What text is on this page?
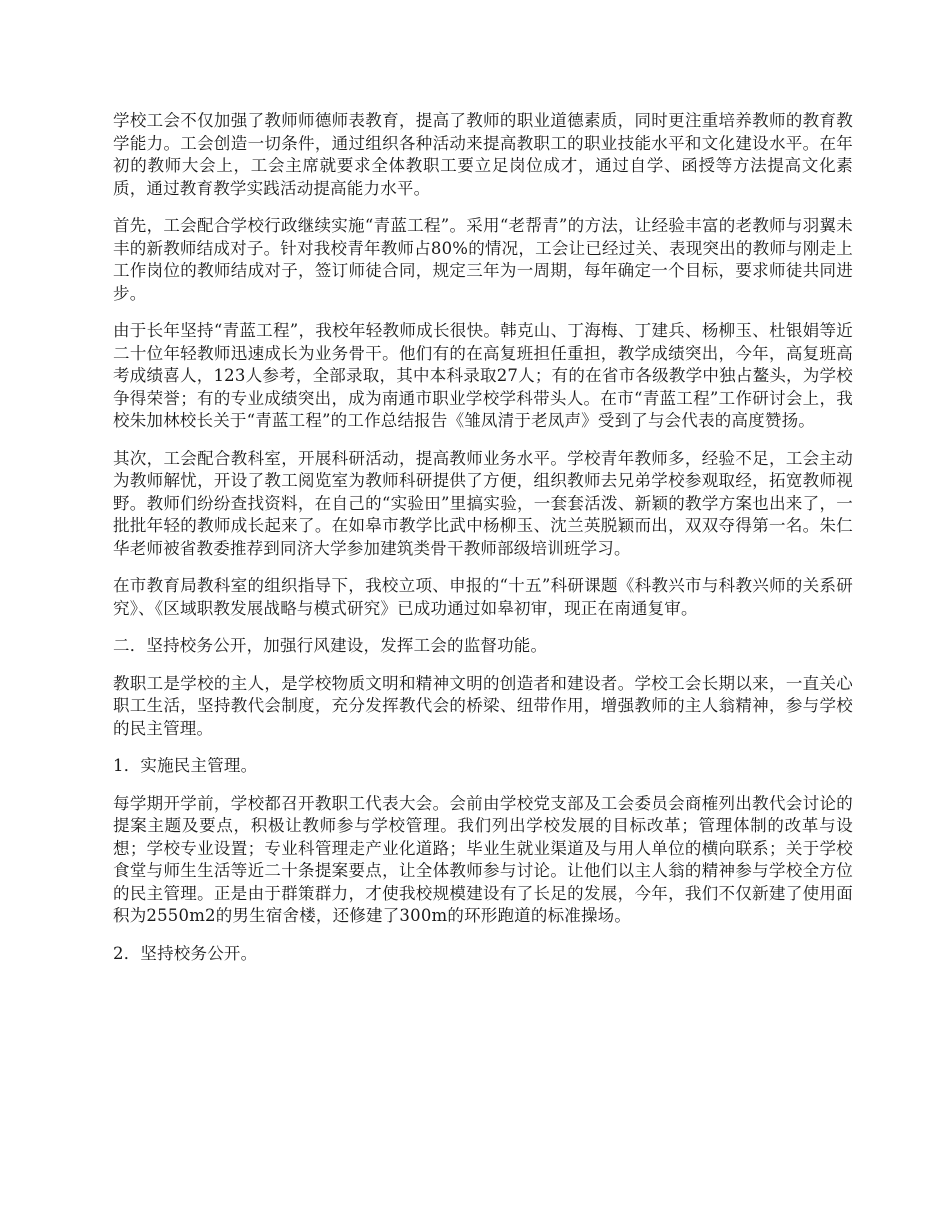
学校工会不仅加强了教师师德师表教育，提高了教师的职业道德素质，同时更注重培养教师的教育教学能力。工会创造一切条件，通过组织各种活动来提高教职工的职业技能水平和文化建设水平。在年初的教师大会上，工会主席就要求全体教职工要立足岗位成才，通过自学、函授等方法提高文化素质，通过教育教学实践活动提高能力水平。

首先，工会配合学校行政继续实施“青蓝工程”。采用“老帮青”的方法，让经验丰富的老教师与羽翼未丰的新教师结成对子。针对我校青年教师占80%的情况，工会让已经过关、表现突出的教师与刚走上工作岗位的教师结成对子，签订师徒合同，规定三年为一周期，每年确定一个目标，要求师徒共同进步。

由于长年坚持“青蓝工程”，我校年轻教师成长很快。韩克山、丁海梅、丁建兵、杨柳玉、杜银娟等近二十位年轻教师迅速成长为业务骨干。他们有的在高复班担任重担，教学成绩突出，今年，高复班高考成绩喜人，123人参考，全部录取，其中本科录取27人；有的在省市各级教学中独占鳌头，为学校争得荣誉；有的专业成绩突出，成为南通市职业学校学科带头人。在市“青蓝工程”工作研讨会上，我校朱加林校长关于“青蓝工程”的工作总结报告《雏凤清于老凤声》受到了与会代表的高度赞扬。

其次，工会配合教科室，开展科研活动，提高教师业务水平。学校青年教师多，经验不足，工会主动为教师解忧，开设了教工阅览室为教师科研提供了方便，组织教师去兄弟学校参观取经，拓宽教师视野。教师们纷纷查找资料，在自己的“实验田”里搞实验，一套套活泼、新颖的教学方案也出来了，一批批年轻的教师成长起来了。在如皋市教学比武中杨柳玉、沈兰英脱颖而出，双双夺得第一名。朱仁华老师被省教委推荐到同济大学参加建筑类骨干教师部级培训班学习。

在市教育局教科室的组织指导下，我校立项、申报的“十五”科研课题《科教兴市与科教兴师的关系研究》、《区域职教发展战略与模式研究》已成功通过如皋初审，现正在南通复审。

二．坚持校务公开，加强行风建设，发挥工会的监督功能。

教职工是学校的主人，是学校物质文明和精神文明的创造者和建设者。学校工会长期以来，一直关心职工生活，坚持教代会制度，充分发挥教代会的桥梁、纽带作用，增强教师的主人翁精神，参与学校的民主管理。

1．实施民主管理。

每学期开学前，学校都召开教职工代表大会。会前由学校党支部及工会委员会商榷列出教代会讨论的提案主题及要点，积极让教师参与学校管理。我们列出学校发展的目标改革；管理体制的改革与设想；学校专业设置；专业科管理走产业化道路；毕业生就业渠道及与用人单位的横向联系；关于学校食堂与师生生活等近二十条提案要点，让全体教师参与讨论。让他们以主人翁的精神参与学校全方位的民主管理。正是由于群策群力，才使我校规模建设有了长足的发展，今年，我们不仅新建了使用面积为2550m2的男生宿舍楼，还修建了300m的环形跑道的标准操场。

2．坚持校务公开。
